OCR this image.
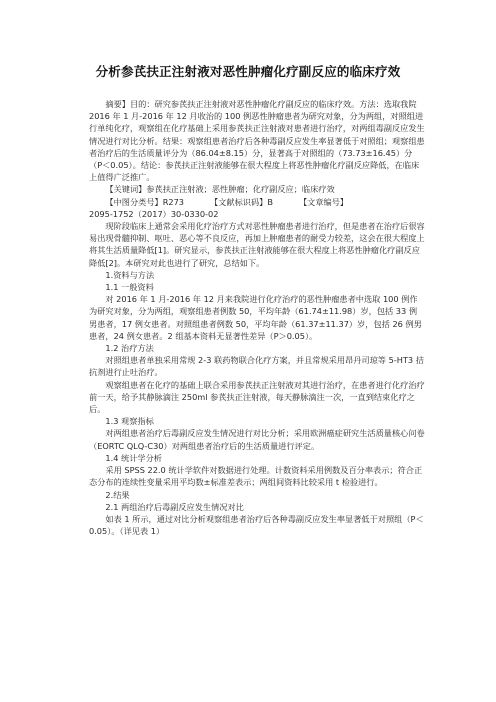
分析参芪扶正注射液对恶性肿瘤化疗副反应的临床疗效

摘要】目的：研究参芪扶正注射液对恶性肿瘤化疗副反应的临床疗效。方法：选取我院 2016 年 1 月-2016 年 12 月收治的 100 例恶性肿瘤患者为研究对象，分为两组，对照组进行单纯化疗，观察组在化疗基础上采用参芪扶正注射液对患者进行治疗，对两组毒副反应发生情况进行对比分析。结果：观察组患者治疗后各种毒副反应发生率显著低于对照组；观察组患者治疗后的生活质量评分为（86.04±8.15）分，显著高于对照组的（73.73±16.45）分（P＜0.05）。结论：参芪扶正注射液能够在很大程度上将恶性肿瘤化疗副反应降低，在临床上值得广泛推广。

【关键词】参芪扶正注射液；恶性肿瘤；化疗副反应；临床疗效

【中图分类号】R273	【文献标识码】B	【文章编号】

2095-1752（2017）30-0330-02

现阶段临床上通常会采用化疗治疗方式对恶性肿瘤患者进行治疗，但是患者在治疗后很容易出现骨髓抑制、呕吐、恶心等不良反应，再加上肿瘤患者的耐受力较差，这会在很大程度上将其生活质量降低[1]。研究显示，参芪扶正注射液能够在很大程度上将恶性肿瘤化疗副反应降低[2]。本研究对此也进行了研究，总结如下。

1.资料与方法

1.1 一般资料

对 2016 年 1 月-2016 年 12 月来我院进行化疗治疗的恶性肿瘤患者中选取 100 例作为研究对象，分为两组，观察组患者例数 50，平均年龄（61.74±11.98）岁，包括 33 例男患者，17 例女患者。对照组患者例数 50，平均年龄（61.37±11.37）岁，包括 26 例男患者，24 例女患者。2 组基本资料无显著性差异（P＞0.05）。

1.2 治疗方法

对照组患者单独采用常规 2-3 联药物联合化疗方案，并且常规采用昂丹司琼等 5-HT3 拮抗剂进行止吐治疗。

观察组患者在化疗的基础上联合采用参芪扶正注射液对其进行治疗，在患者进行化疗治疗前一天，给予其静脉滴注 250ml 参芪扶正注射液，每天静脉滴注一次，一直到结束化疗之后。

1.3 观察指标

对两组患者治疗后毒副反应发生情况进行对比分析；采用欧洲癌症研究生活质量核心问卷（EORTC QLQ-C30）对两组患者治疗后的生活质量进行评定。

1.4 统计学分析

采用 SPSS 22.0 统计学软件对数据进行处理。计数资料采用例数及百分率表示；符合正态分布的连续性变量采用平均数±标准差表示；两组间资料比较采用 t 检验进行。

2.结果

2.1 两组治疗后毒副反应发生情况对比

如表 1 所示，通过对比分析观察组患者治疗后各种毒副反应发生率显著低于对照组（P＜0.05）。（详见表 1）
